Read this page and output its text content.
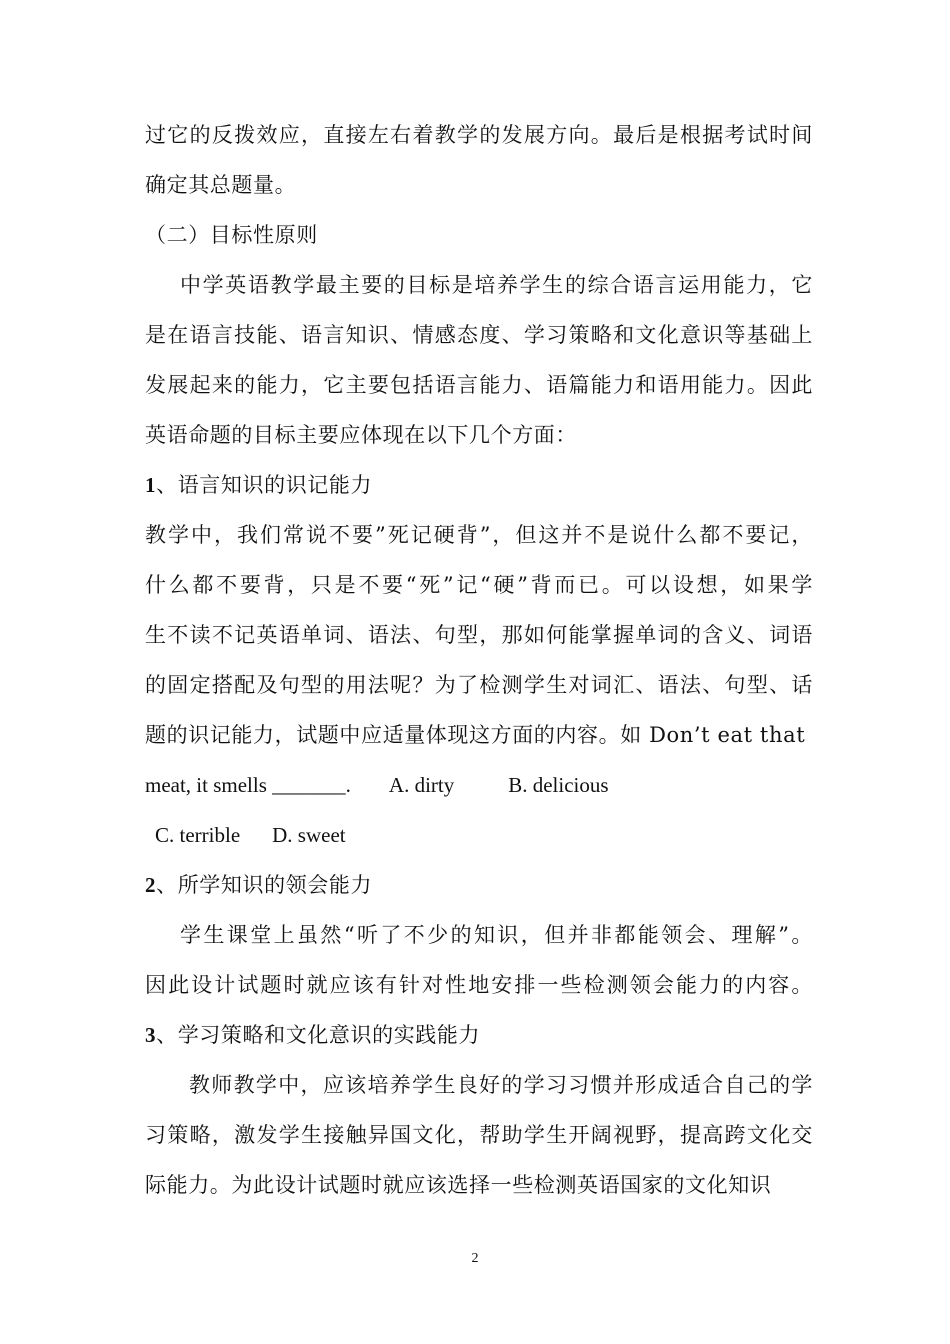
过它的反拨效应，直接左右着教学的发展方向。最后是根据考试时间
确定其总题量。
（二）目标性原则
中学英语教学最主要的目标是培养学生的综合语言运用能力，它
是在语言技能、语言知识、情感态度、学习策略和文化意识等基础上
发展起来的能力，它主要包括语言能力、语篇能力和语用能力。因此
英语命题的目标主要应体现在以下几个方面：
1、语言知识的识记能力
教学中，我们常说不要”死记硬背”，但这并不是说什么都不要记，
什么都不要背，只是不要“死”记“硬”背而已。可以设想，如果学
生不读不记英语单词、语法、句型，那如何能掌握单词的含义、词语
的固定搭配及句型的用法呢？为了检测学生对词汇、语法、句型、话
题的识记能力，试题中应适量体现这方面的内容。如 Don’t eat that
meat, it smells _______. A. dirty	B. delicious
C. terrible D. sweet
2、所学知识的领会能力
学生课堂上虽然“听了不少的知识，但并非都能领会、理解”。
因此设计试题时就应该有针对性地安排一些检测领会能力的内容。
3、学习策略和文化意识的实践能力
教师教学中，应该培养学生良好的学习习惯并形成适合自己的学
习策略，激发学生接触异国文化，帮助学生开阔视野，提高跨文化交
际能力。为此设计试题时就应该选择一些检测英语国家的文化知识
2
